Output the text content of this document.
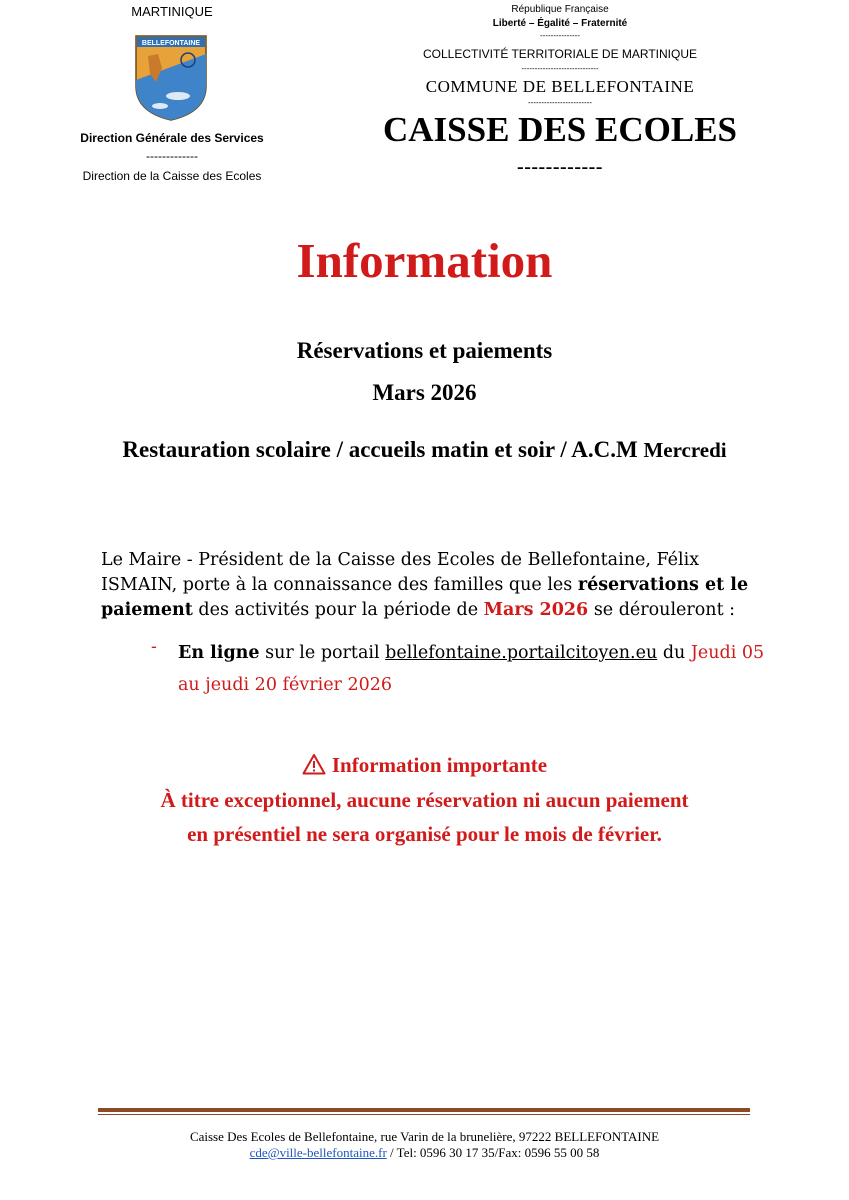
MARTINIQUE
BELLEFONTAINE
Direction Générale des Services
-------------
Direction de la Caisse des Ecoles
République Française
Liberté – Égalité – Fraternité
---------------
COLLECTIVITÉ TERRITORIALE DE MARTINIQUE
-----------------------------
COMMUNE DE BELLEFONTAINE
------------------------
CAISSE DES ECOLES
------------
Information
Réservations et paiements
Mars 2026
Restauration scolaire / accueils matin et soir / A.C.M Mercredi
Le Maire - Président de la Caisse des Ecoles de Bellefontaine, Félix ISMAIN, porte à la connaissance des familles que les réservations et le paiement des activités pour la période de Mars 2026 se dérouleront :
- En ligne sur le portail bellefontaine.portailcitoyen.eu du Jeudi 05 au jeudi 20 février 2026
Information importante
À titre exceptionnel, aucune réservation ni aucun paiement
en présentiel ne sera organisé pour le mois de février.
Caisse Des Ecoles de Bellefontaine, rue Varin de la brunelière, 97222 BELLEFONTAINE
cde@ville-bellefontaine.fr / Tel: 0596 30 17 35/Fax: 0596 55 00 58
